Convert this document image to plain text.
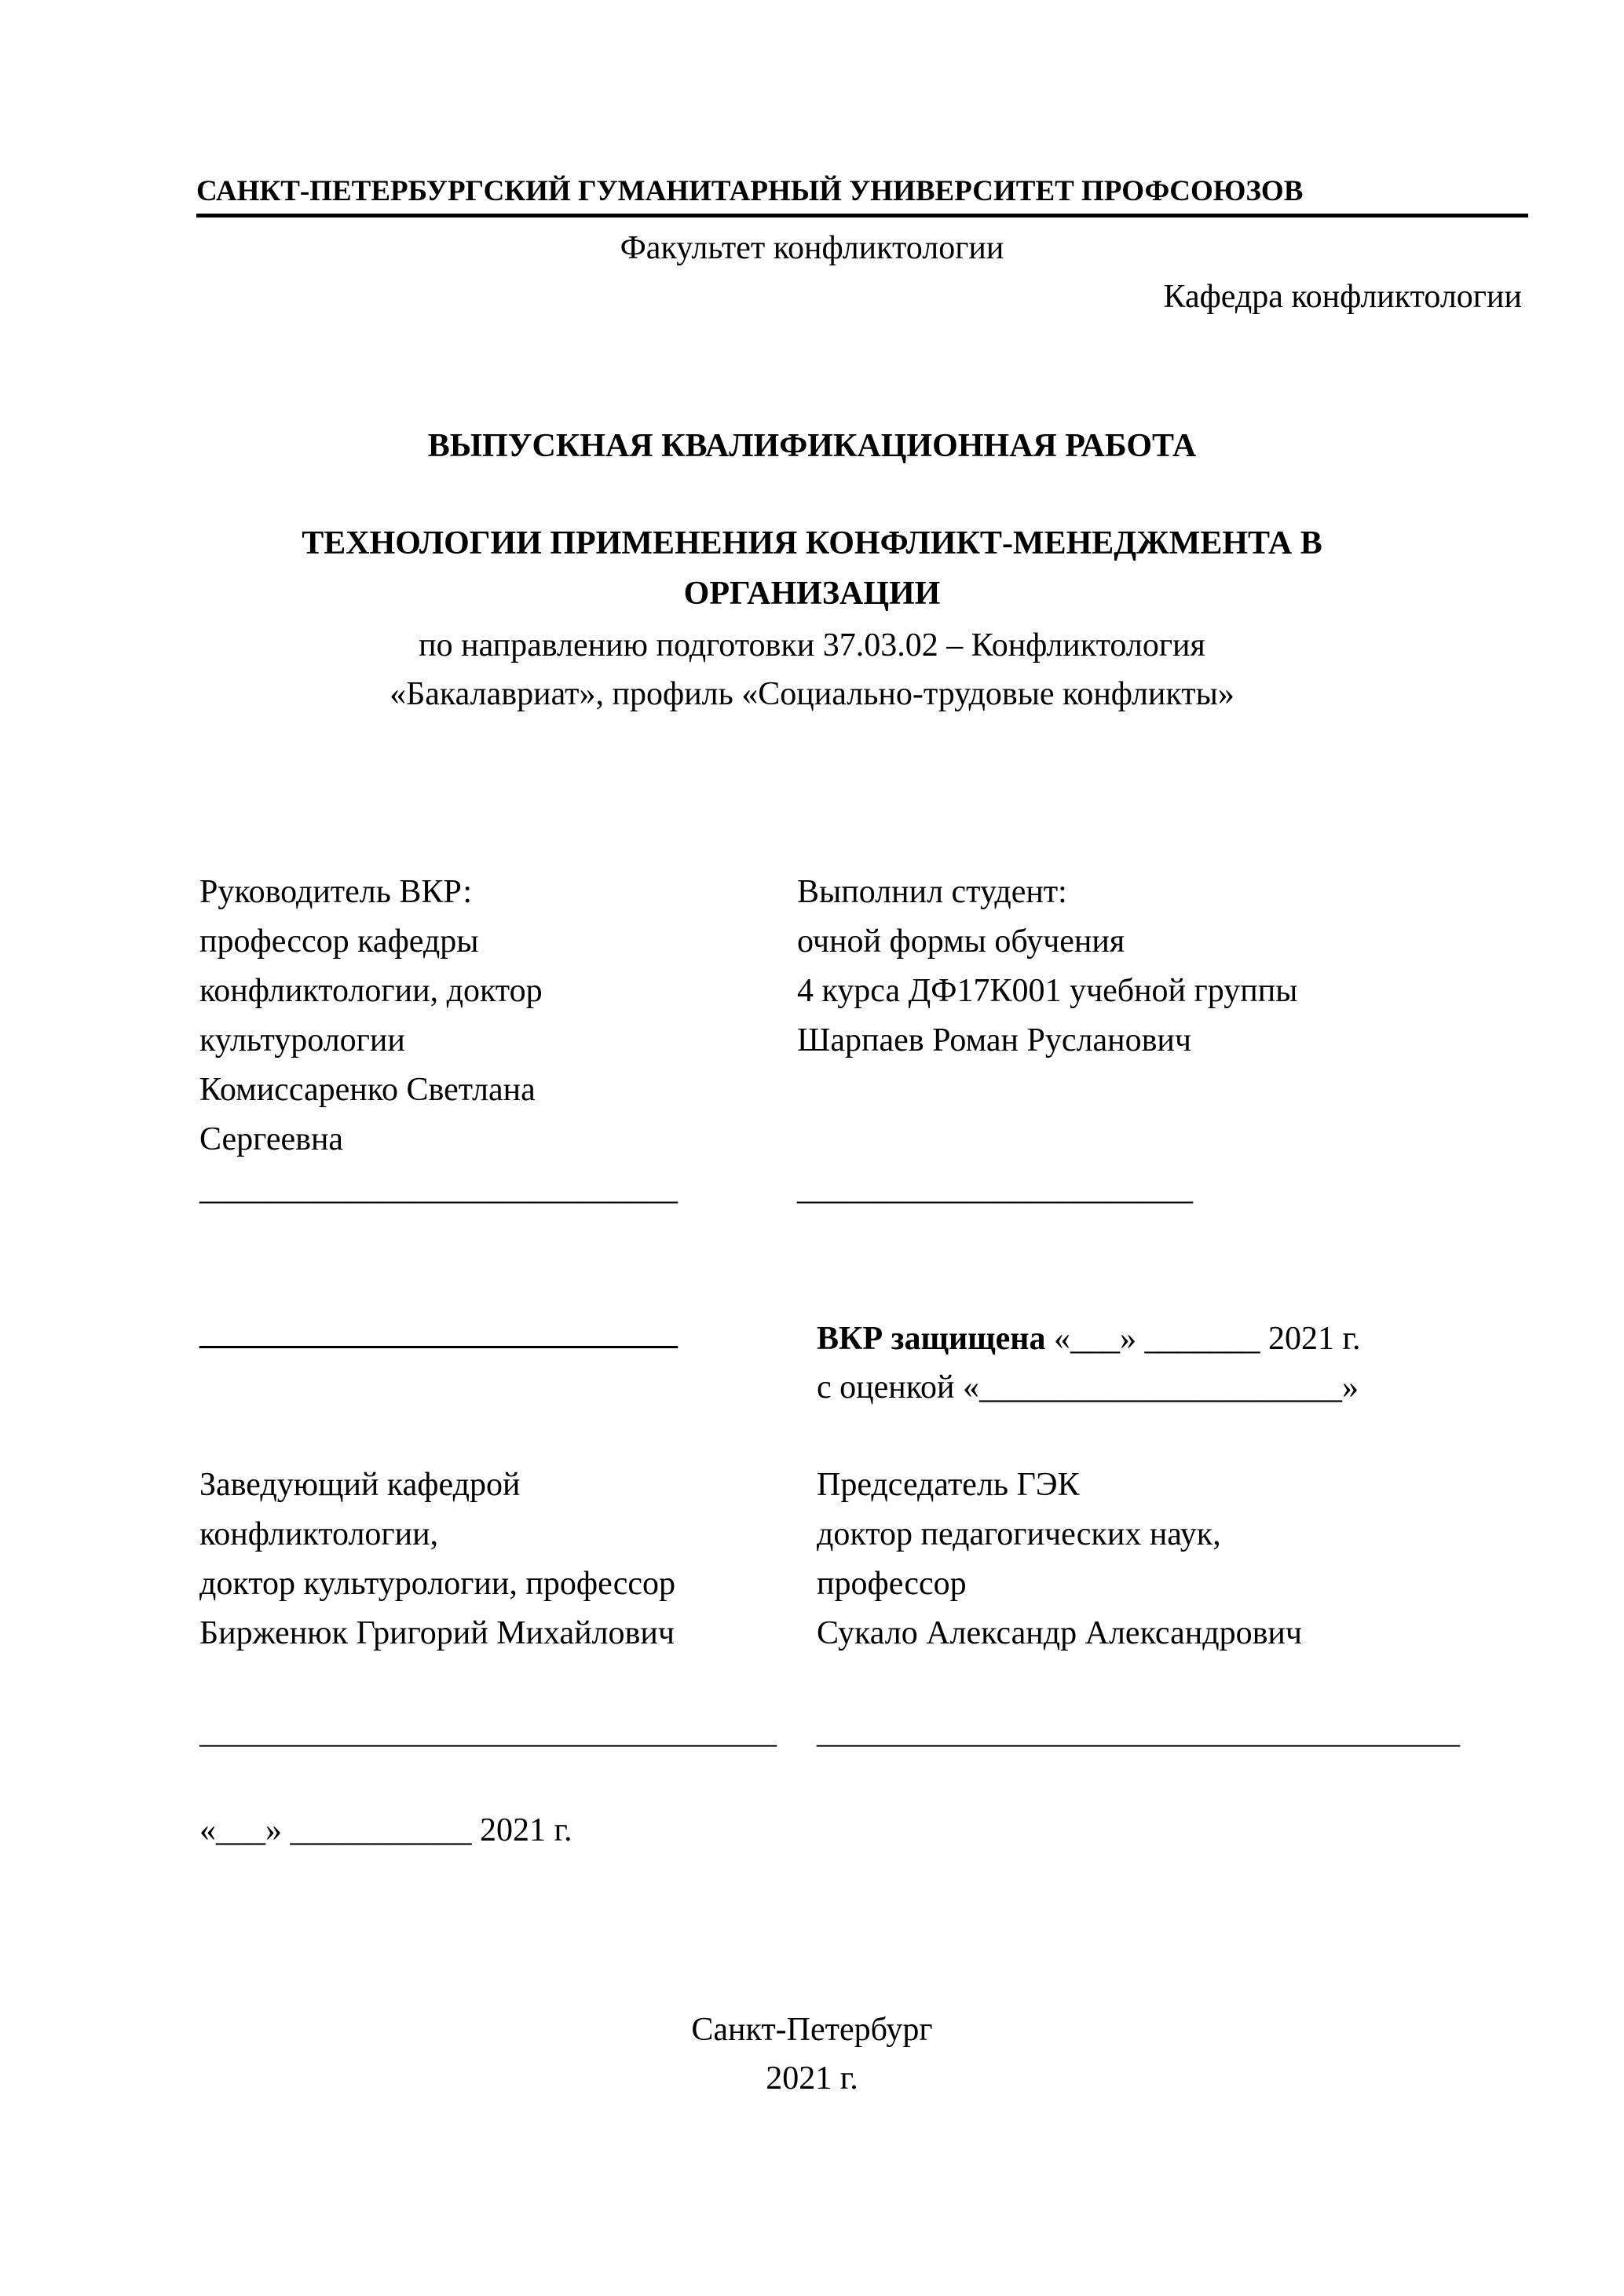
САНКТ-ПЕТЕРБУРГСКИЙ ГУМАНИТАРНЫЙ УНИВЕРСИТЕТ ПРОФСОЮЗОВ
Факультет конфликтологии
Кафедра конфликтологии
ВЫПУСКНАЯ КВАЛИФИКАЦИОННАЯ РАБОТА
ТЕХНОЛОГИИ ПРИМЕНЕНИЯ КОНФЛИКТ-МЕНЕДЖМЕНТА В
ОРГАНИЗАЦИИ
по направлению подготовки 37.03.02 – Конфликтология
«Бакалавриат», профиль «Социально-трудовые конфликты»
Руководитель ВКР:
профессор кафедры
конфликтологии, доктор
культурологии
Комиссаренко Светлана
Сергеевна
_____________________________
Выполнил студент:
очной формы обучения
4 курса ДФ17К001 учебной группы
Шарпаев Роман Русланович
________________________
_____________________________	ВКР защищена «___» _______ 2021 г.
с оценкой «______________________»
Заведующий кафедрой
конфликтологии,
доктор культурологии, профессор
Бирженюк Григорий Михайлович
___________________________________
Председатель ГЭК
доктор педагогических наук,
профессор
Сукало Александр Александрович
_______________________________________
«___» ___________ 2021 г.
Санкт-Петербург
2021 г.
